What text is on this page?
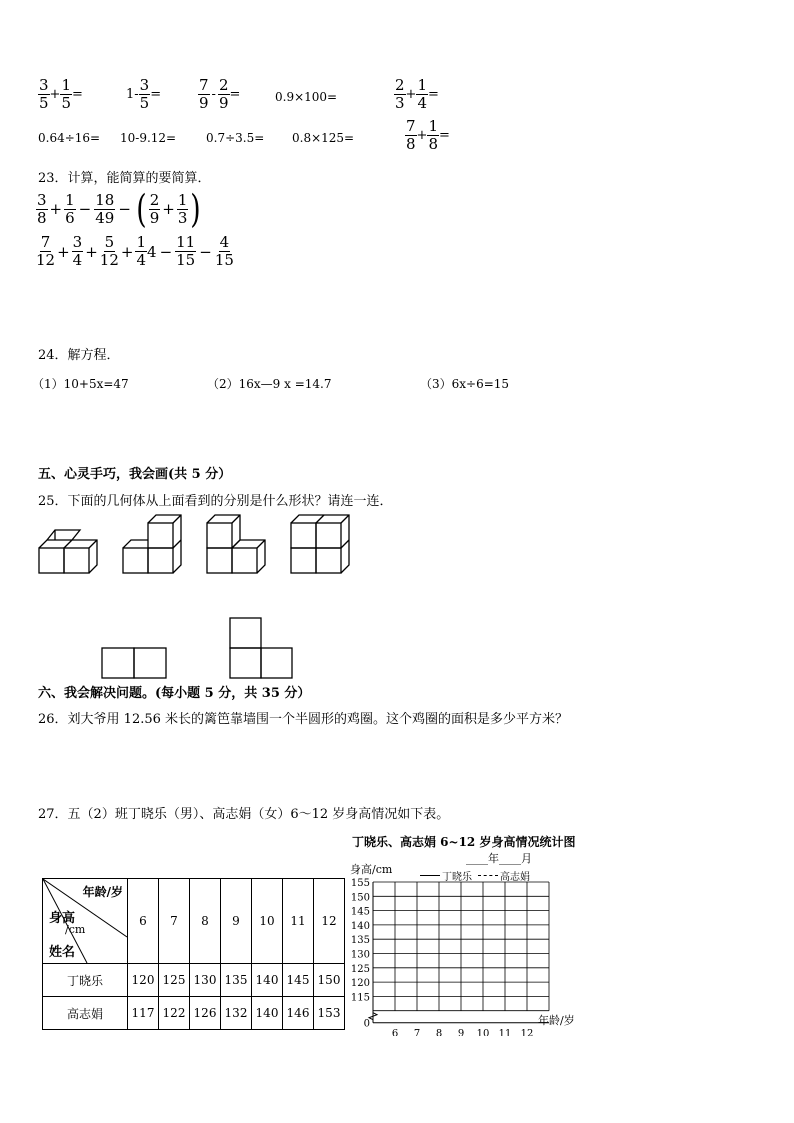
$\frac{3}{5} + \frac{1}{5}$ =	$1- \frac{3}{5} = \frac{7}{9} - \frac{2}{9}$ =	0.9×100=	$\frac{2}{3} + \frac{1}{4}$ =
0.64÷16= 10-9.12= 0.7÷3.5= 0.8×125=	$\frac{7}{8} + \frac{1}{8}$ =
23．计算，能简算的要简算．
$\frac{3}{8} + \frac{1}{6} - \frac{18}{49}$ − ( $\frac{2}{9} + \frac{1}{3}$ )
$\frac{7}{12} + \frac{3}{4} + \frac{5}{12} + \frac{1}{4} 4 - \frac{11}{15} - \frac{4}{15}$
24．解方程．
（1）10+5x=47	（2）16x—9 x =14.7	（3）6x÷6=15
五、心灵手巧，我会画(共 5 分）
25．下面的几何体从上面看到的分别是什么形状？请连一连．
六、我会解决问题。(每小题 5 分，共 35 分）
26．刘大爷用 12.56 米长的篱笆靠墙围一个半圆形的鸡圈。这个鸡圈的面积是多少平方米？
27．五（2）班丁晓乐（男）、高志娟（女）6～12 岁身高情况如下表。
年龄/岁
身高
/cm
姓名	6	7	8	9	10	11	12
丁晓乐	120	125	130	135	140	145	150
高志娟	117	122	126	132	140	146	153
丁晓乐、高志娟 6~12 岁身高情况统计图
____年____月
身高/cm
丁晓乐	高志娟
155
150
145
140
135
130
125
120
115
0
6 7 8 9 10 11 12
年龄/岁
